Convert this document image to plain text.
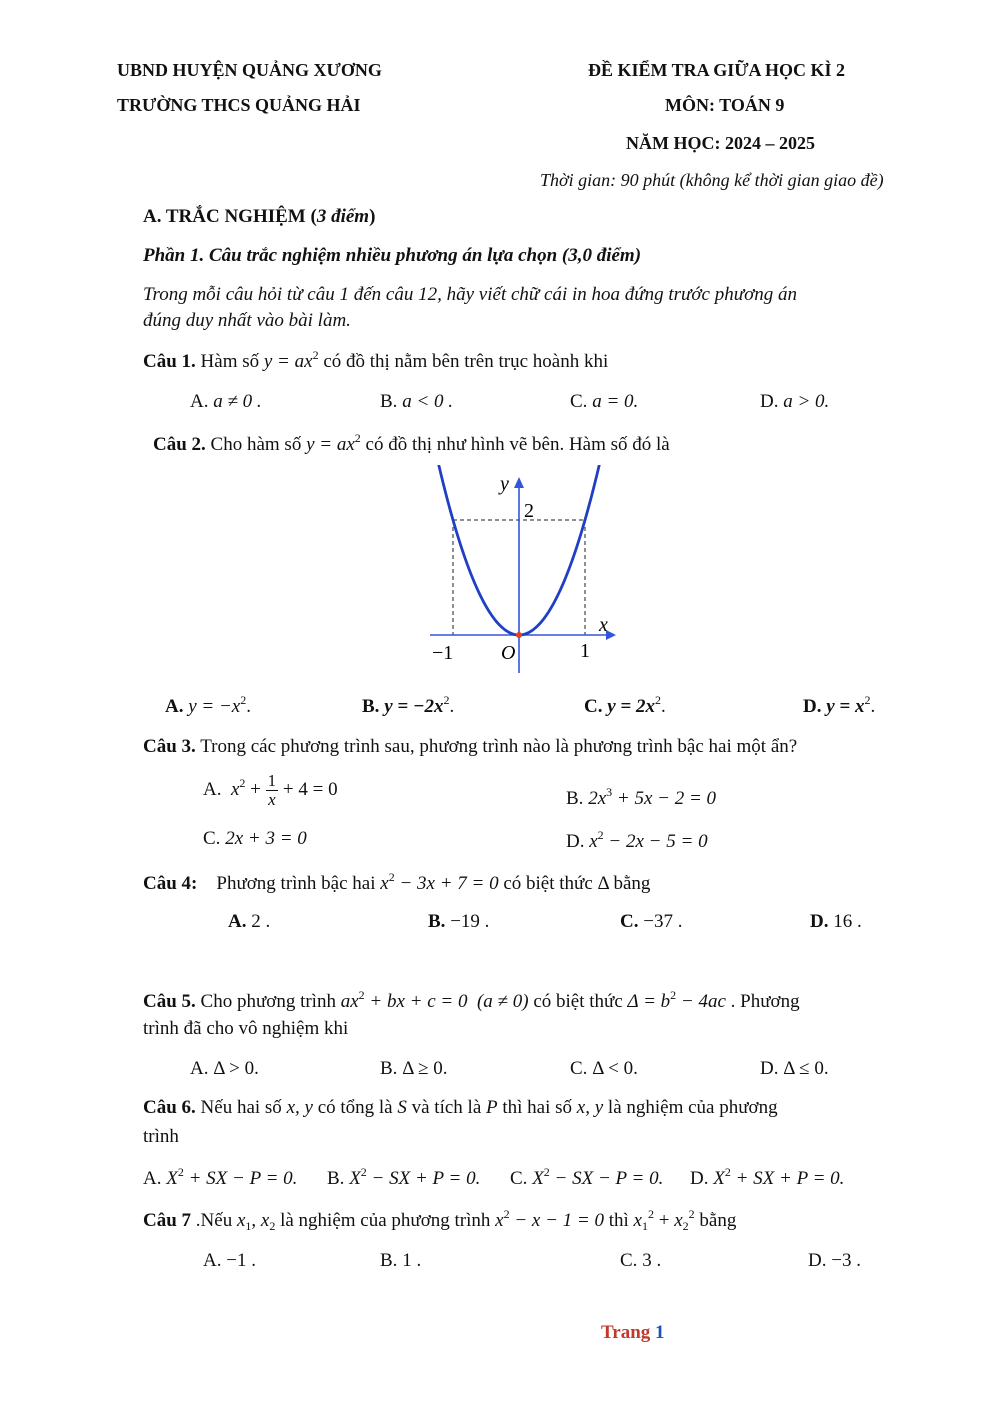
UBND HUYỆN QUẢNG XƯƠNG
TRƯỜNG THCS QUẢNG HẢI
ĐỀ KIỂM TRA GIỮA HỌC KÌ 2
MÔN: TOÁN 9
NĂM HỌC: 2024 – 2025
Thời gian: 90 phút (không kể thời gian giao đề)
A. TRẮC NGHIỆM (3 điểm)
Phần 1. Câu trắc nghiệm nhiều phương án lựa chọn (3,0 điểm)
Trong mỗi câu hỏi từ câu 1 đến câu 12, hãy viết chữ cái in hoa đứng trước phương án
đúng duy nhất vào bài làm.
Câu 1. Hàm số $y = ax^2$ có đồ thị nằm bên trên trục hoành khi
A. a ≠ 0 .	B. a < 0 .	C. a = 0.	D. a > 0.
Câu 2. Cho hàm số $y = ax^2$ có đồ thị như hình vẽ bên. Hàm số đó là
y
x
2
−1 O	1
A. $y = -x^2$.	B. $y = -2x^2$.	C. $y = 2x^2$.	D. $y = x^2$.
Câu 3. Trong các phương trình sau, phương trình nào là phương trình bậc hai một ẩn?
A. $x^2 + \frac{1}{x} + 4 = 0$	B. $2x^3 + 5x - 2 = 0$
C. 2x + 3 = 0	D. $x^2 - 2x - 5 = 0$
Câu 4: Phương trình bậc hai $x^2 - 3x + 7 = 0$ có biệt thức Δ bằng
A. 2 .	B. −19 .	C. −37 .	D. 16 .
Câu 5. Cho phương trình $ax^2$ + bx + c = 0 (a ≠ 0) có biệt thức $\Delta = b^2 - 4ac$ . Phương
trình đã cho vô nghiệm khi
A. Δ > 0.	B. Δ ≥ 0.	C. Δ < 0.	D. Δ ≤ 0.
Câu 6. Nếu hai số x, y có tổng là S và tích là P thì hai số x, y là nghiệm của phương
trình
A. $X^2$ + SX − P = 0. B. $X^2$ − SX + P = 0. C. $X^2$ − SX − P = 0. D. $X^2$ + SX + P = 0.
Câu 7 .Nếu $x_1$, $x_2$ là nghiệm của phương trình $x^2 - x - 1 = 0$ thì $x_1^2 + x_2^2$ bằng
A. −1 .	B. 1 .	C. 3 .	D. −3 .
Trang 1
